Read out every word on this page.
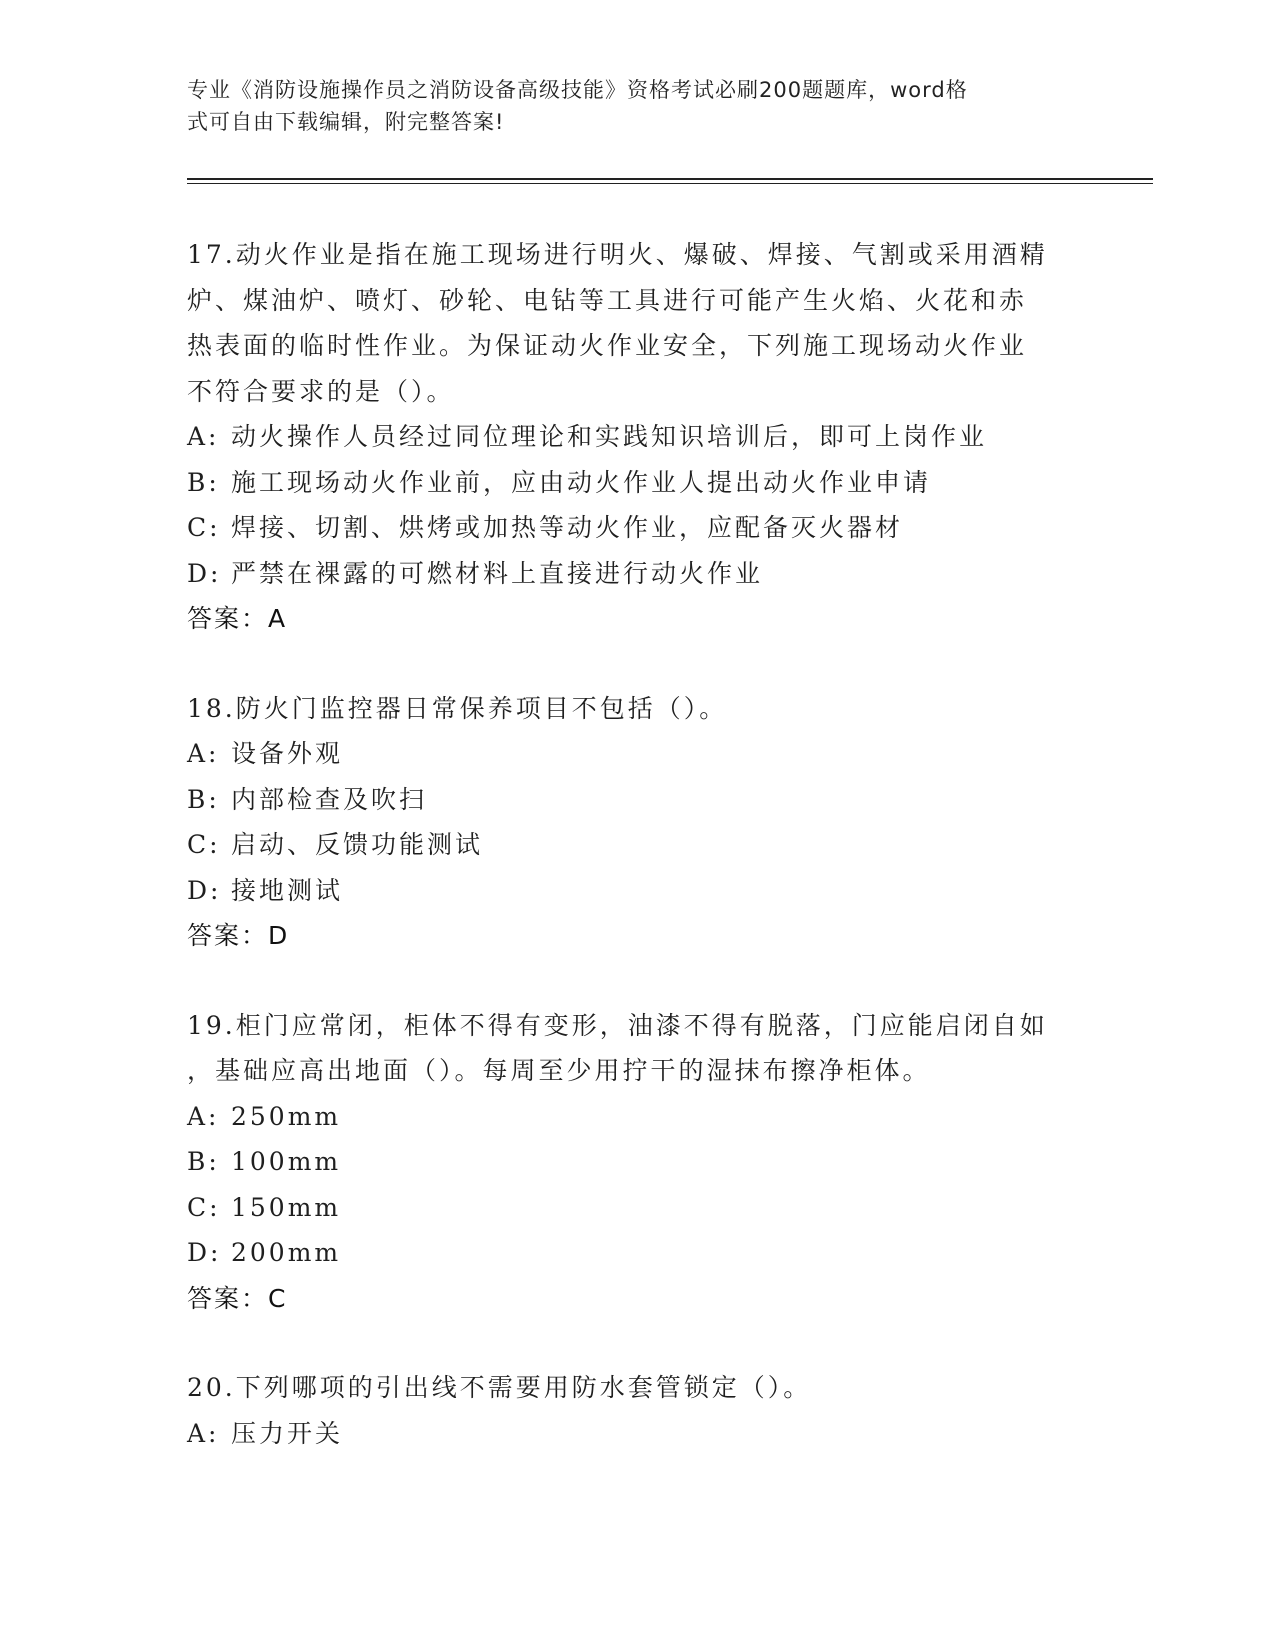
专业《消防设施操作员之消防设备高级技能》资格考试必刷200题题库，word格
式可自由下载编辑，附完整答案!
17.动火作业是指在施工现场进行明火、爆破、焊接、气割或采用酒精
炉、煤油炉、喷灯、砂轮、电钻等工具进行可能产生火焰、火花和赤
热表面的临时性作业。为保证动火作业安全，下列施工现场动火作业
不符合要求的是（）。
A: 动火操作人员经过同位理论和实践知识培训后，即可上岗作业
B: 施工现场动火作业前，应由动火作业人提出动火作业申请
C: 焊接、切割、烘烤或加热等动火作业，应配备灭火器材
D: 严禁在裸露的可燃材料上直接进行动火作业
答案：A
18.防火门监控器日常保养项目不包括（）。
A: 设备外观
B: 内部检查及吹扫
C: 启动、反馈功能测试
D: 接地测试
答案：D
19.柜门应常闭，柜体不得有变形，油漆不得有脱落，门应能启闭自如
，基础应高出地面（）。每周至少用拧干的湿抹布擦净柜体。
A: 250mm
B: 100mm
C: 150mm
D: 200mm
答案：C
20.下列哪项的引出线不需要用防水套管锁定（）。
A: 压力开关
